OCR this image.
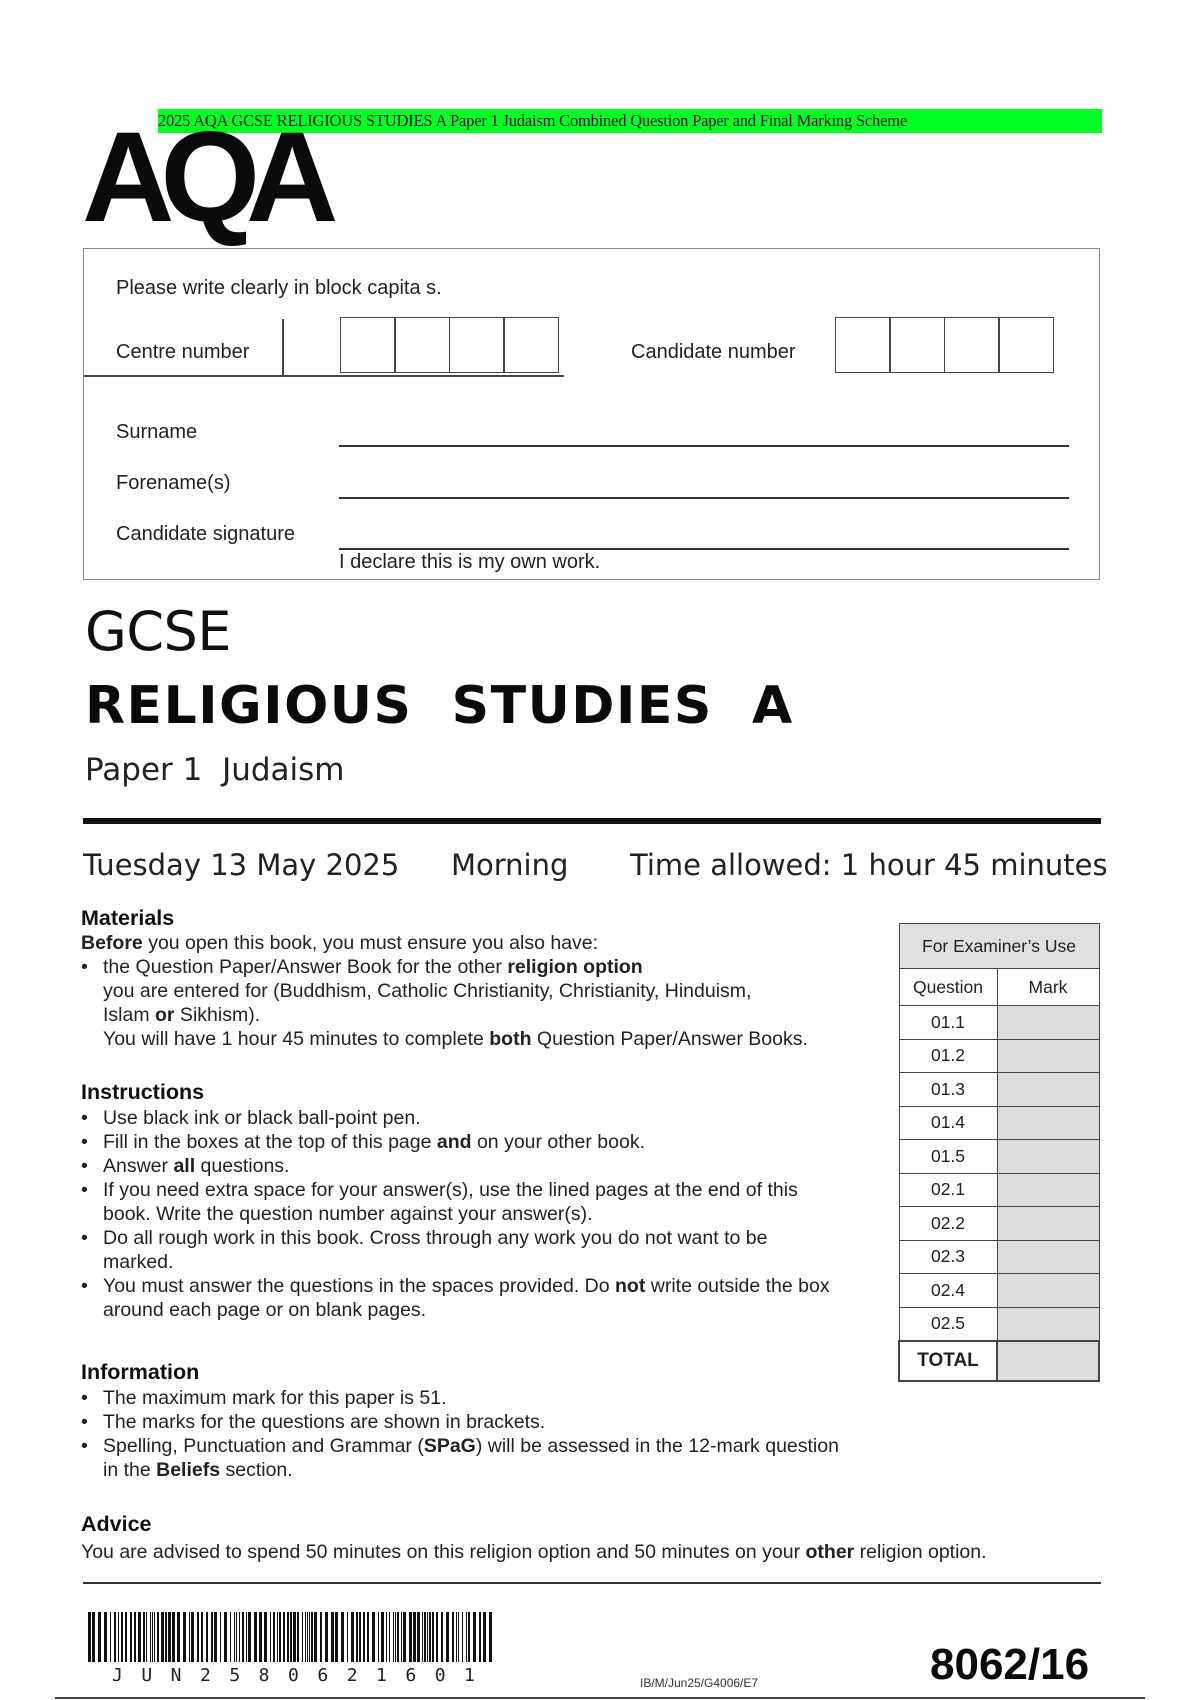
2025 AQA GCSE RELIGIOUS STUDIES A Paper 1 Judaism Combined Question Paper and Final Marking Scheme
AQA
Please write clearly in block capita s.
Centre number	Candidate number
Surname
Forename(s)
Candidate signature
I declare this is my own work.
GCSE
RELIGIOUS  STUDIES  A
Paper 1  Judaism
Tuesday 13 May 2025 Morning Time allowed: 1 hour 45 minutes
Materials
Before you open this book, you must ensure you also have:
• the Question Paper/Answer Book for the other religion option
you are entered for (Buddhism, Catholic Christianity, Christianity, Hinduism,
Islam or Sikhism).
You will have 1 hour 45 minutes to complete both Question Paper/Answer Books.
Instructions
• Use black ink or black ball-point pen.
• Fill in the boxes at the top of this page and on your other book.
• Answer all questions.
• If you need extra space for your answer(s), use the lined pages at the end of this book. Write the question number against your answer(s).
• Do all rough work in this book. Cross through any work you do not want to be marked.
• You must answer the questions in the spaces provided. Do not write outside the box around each page or on blank pages.
Information
• The maximum mark for this paper is 51.
• The marks for the questions are shown in brackets.
• Spelling, Punctuation and Grammar (SPaG) will be assessed in the 12-mark question in the Beliefs section.
Advice
You are advised to spend 50 minutes on this religion option and 50 minutes on your other religion option.
For Examiner’s Use	
Question	Mark
01.1	
01.2	
01.3	
01.4	
01.5	
02.1	
02.2	
02.3	
02.4	
02.5	
TOTAL	
JUN2580621601	IB/M/Jun25/G4006/E7	8062/16
